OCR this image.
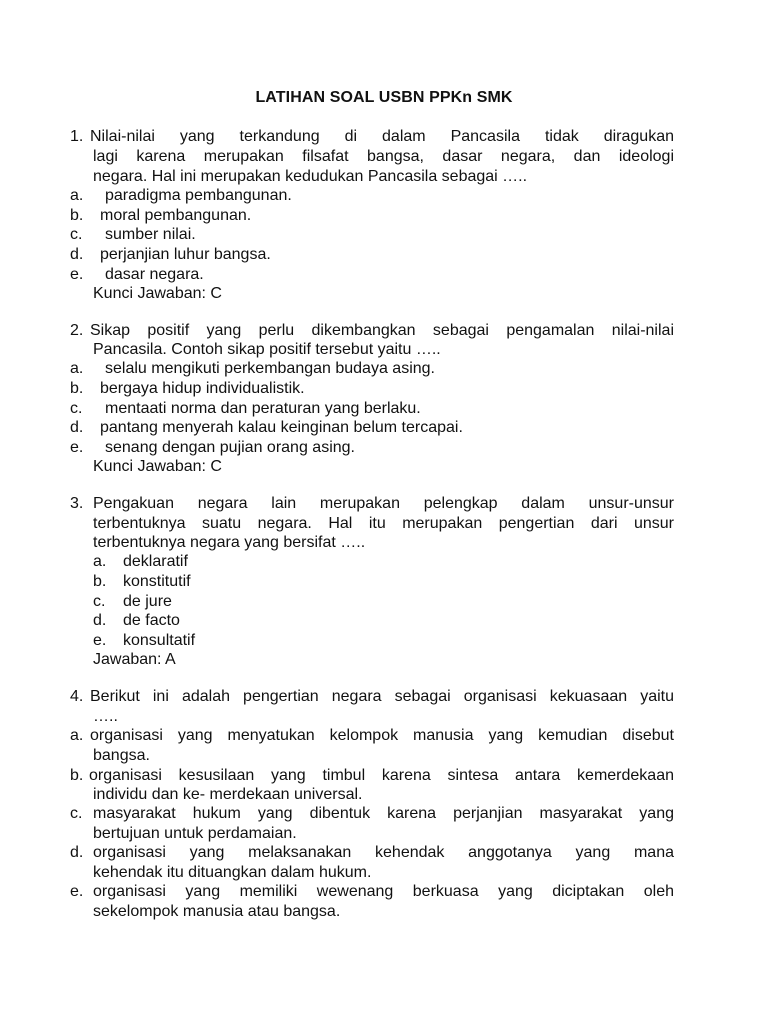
LATIHAN SOAL USBN PPKn SMK
1. Nilai-nilai yang terkandung di dalam Pancasila tidak diragukan
lagi karena merupakan filsafat bangsa, dasar negara, dan ideologi
negara. Hal ini merupakan kedudukan Pancasila sebagai …..
a. paradigma pembangunan.
b. moral pembangunan.
c. sumber nilai.
d. perjanjian luhur bangsa.
e. dasar negara.
Kunci Jawaban: C
2. Sikap positif yang perlu dikembangkan sebagai pengamalan nilai-nilai
Pancasila. Contoh sikap positif tersebut yaitu …..
a. selalu mengikuti perkembangan budaya asing.
b. bergaya hidup individualistik.
c. mentaati norma dan peraturan yang berlaku.
d. pantang menyerah kalau keinginan belum tercapai.
e. senang dengan pujian orang asing.
Kunci Jawaban: C
3. Pengakuan negara lain merupakan pelengkap dalam unsur-unsur
terbentuknya suatu negara. Hal itu merupakan pengertian dari unsur
terbentuknya negara yang bersifat …..
a. deklaratif
b. konstitutif
c. de jure
d. de facto
e. konsultatif
Jawaban: A
4. Berikut ini adalah pengertian negara sebagai organisasi kekuasaan yaitu
…..
a. organisasi yang menyatukan kelompok manusia yang kemudian disebut
bangsa.
b. organisasi kesusilaan yang timbul karena sintesa antara kemerdekaan
individu dan ke- merdekaan universal.
c. masyarakat hukum yang dibentuk karena perjanjian masyarakat yang
bertujuan untuk perdamaian.
d. organisasi yang melaksanakan kehendak anggotanya yang mana
kehendak itu dituangkan dalam hukum.
e. organisasi yang memiliki wewenang berkuasa yang diciptakan oleh
sekelompok manusia atau bangsa.
